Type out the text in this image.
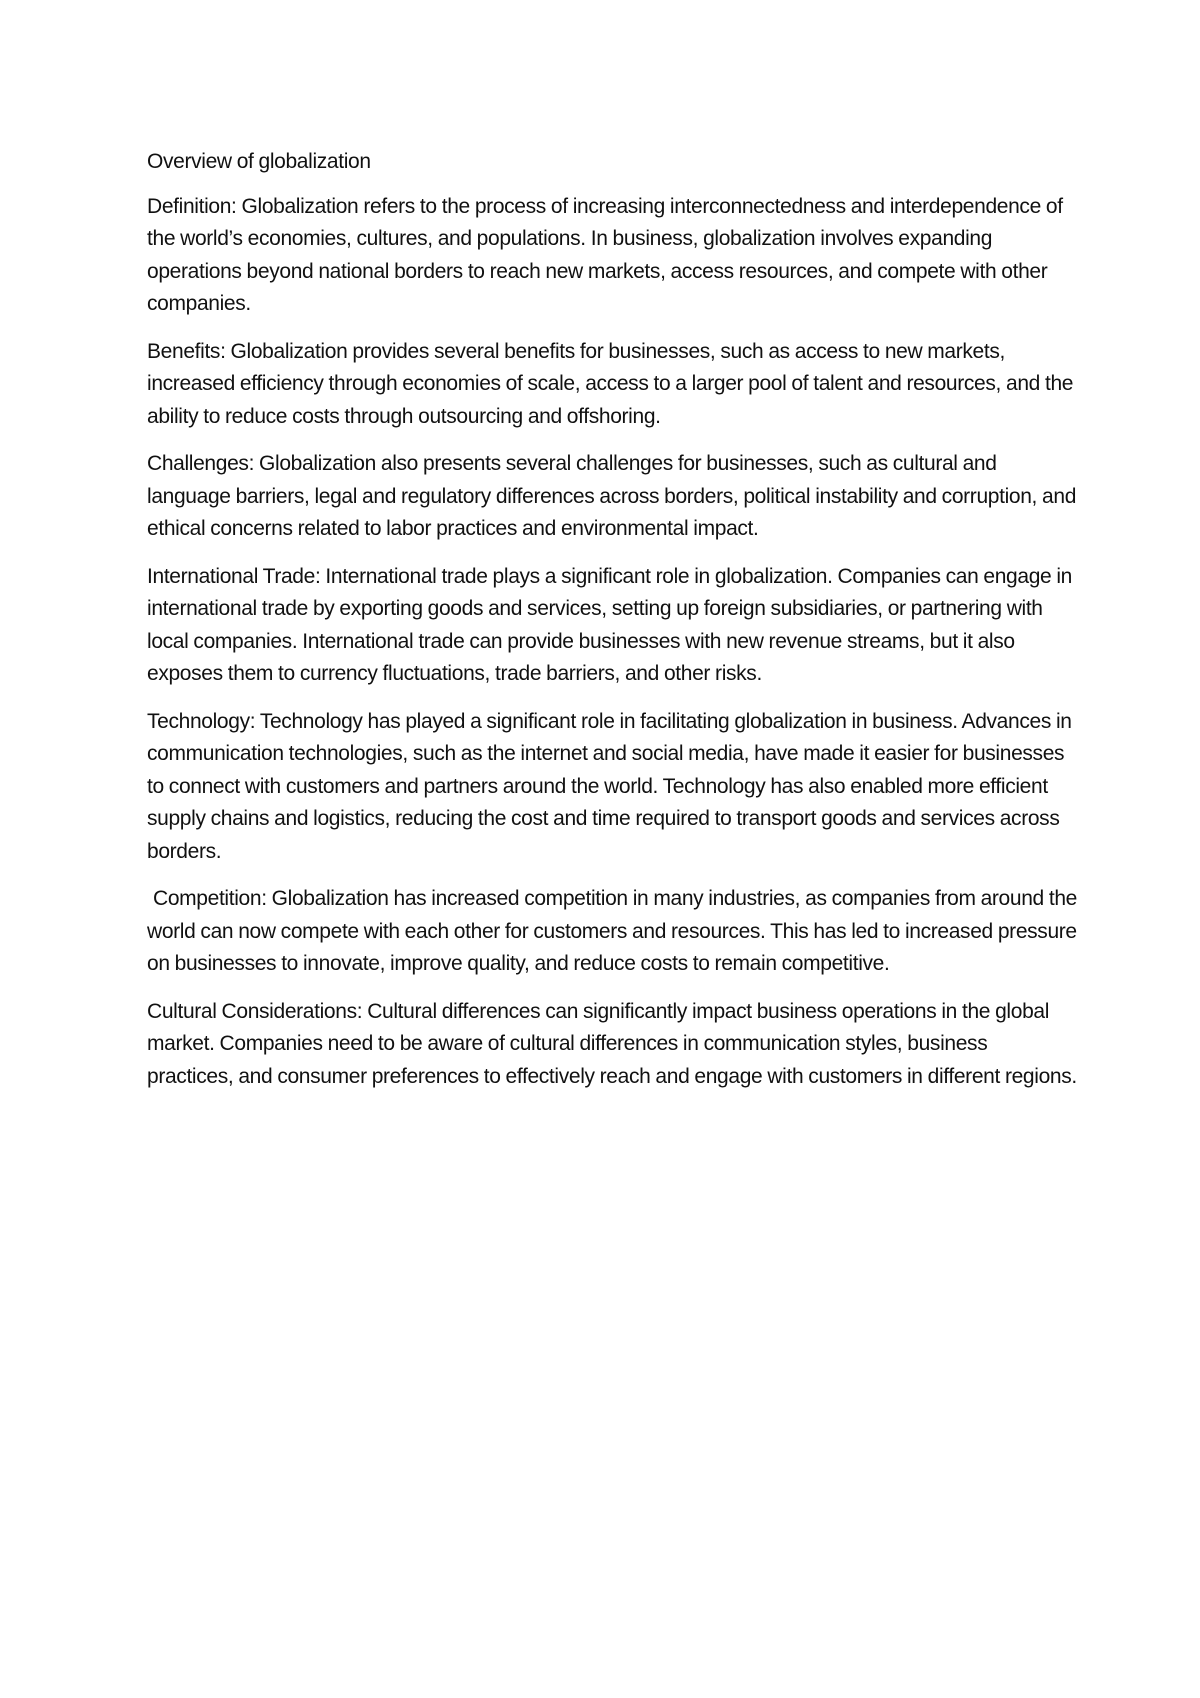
Overview of globalization

Definition: Globalization refers to the process of increasing interconnectedness and interdependence of the world’s economies, cultures, and populations. In business, globalization involves expanding operations beyond national borders to reach new markets, access resources, and compete with other companies.

Benefits: Globalization provides several benefits for businesses, such as access to new markets, increased efficiency through economies of scale, access to a larger pool of talent and resources, and the ability to reduce costs through outsourcing and offshoring.

Challenges: Globalization also presents several challenges for businesses, such as cultural and language barriers, legal and regulatory differences across borders, political instability and corruption, and ethical concerns related to labor practices and environmental impact.

International Trade: International trade plays a significant role in globalization. Companies can engage in international trade by exporting goods and services, setting up foreign subsidiaries, or partnering with local companies. International trade can provide businesses with new revenue streams, but it also exposes them to currency fluctuations, trade barriers, and other risks.

Technology: Technology has played a significant role in facilitating globalization in business. Advances in communication technologies, such as the internet and social media, have made it easier for businesses to connect with customers and partners around the world. Technology has also enabled more efficient supply chains and logistics, reducing the cost and time required to transport goods and services across borders.

Competition: Globalization has increased competition in many industries, as companies from around the world can now compete with each other for customers and resources. This has led to increased pressure on businesses to innovate, improve quality, and reduce costs to remain competitive.

Cultural Considerations: Cultural differences can significantly impact business operations in the global market. Companies need to be aware of cultural differences in communication styles, business practices, and consumer preferences to effectively reach and engage with customers in different regions.
